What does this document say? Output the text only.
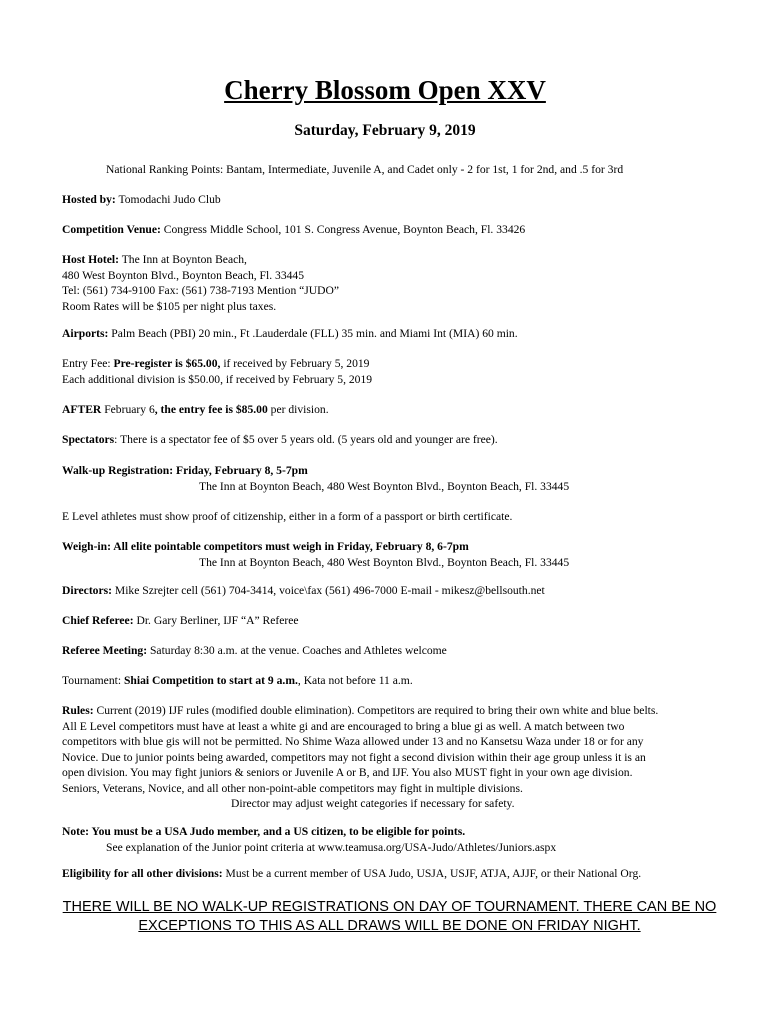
Cherry Blossom Open XXV
Saturday, February 9, 2019
National Ranking Points: Bantam, Intermediate, Juvenile A, and Cadet only - 2 for 1st, 1 for 2nd, and .5 for 3rd
Hosted by: Tomodachi Judo Club
Competition Venue: Congress Middle School, 101 S. Congress Avenue, Boynton Beach, Fl. 33426
Host Hotel: The Inn at Boynton Beach,
480 West Boynton Blvd., Boynton Beach, Fl. 33445
Tel: (561) 734-9100 Fax: (561) 738-7193 Mention “JUDO”
Room Rates will be $105 per night plus taxes.
Airports: Palm Beach (PBI) 20 min., Ft .Lauderdale (FLL) 35 min. and Miami Int (MIA) 60 min.
Entry Fee: Pre-register is $65.00, if received by February 5, 2019
Each additional division is $50.00, if received by February 5, 2019
AFTER February 6, the entry fee is $85.00 per division.
Spectators: There is a spectator fee of $5 over 5 years old. (5 years old and younger are free).
Walk-up Registration: Friday, February 8, 5-7pm
The Inn at Boynton Beach, 480 West Boynton Blvd., Boynton Beach, Fl. 33445
E Level athletes must show proof of citizenship, either in a form of a passport or birth certificate.
Weigh-in: All elite pointable competitors must weigh in Friday, February 8, 6-7pm
The Inn at Boynton Beach, 480 West Boynton Blvd., Boynton Beach, Fl. 33445
Directors: Mike Szrejter cell (561) 704-3414, voice\fax (561) 496-7000 E-mail - mikesz@bellsouth.net
Chief Referee: Dr. Gary Berliner, IJF “A” Referee
Referee Meeting: Saturday 8:30 a.m. at the venue. Coaches and Athletes welcome
Tournament: Shiai Competition to start at 9 a.m., Kata not before 11 a.m.
Rules: Current (2019) IJF rules (modified double elimination). Competitors are required to bring their own white and blue belts.
All E Level competitors must have at least a white gi and are encouraged to bring a blue gi as well. A match between two
competitors with blue gis will not be permitted. No Shime Waza allowed under 13 and no Kansetsu Waza under 18 or for any
Novice. Due to junior points being awarded, competitors may not fight a second division within their age group unless it is an
open division. You may fight juniors & seniors or Juvenile A or B, and IJF. You also MUST fight in your own age division.
Seniors, Veterans, Novice, and all other non-point-able competitors may fight in multiple divisions.
Director may adjust weight categories if necessary for safety.
Note: You must be a USA Judo member, and a US citizen, to be eligible for points.
See explanation of the Junior point criteria at www.teamusa.org/USA-Judo/Athletes/Juniors.aspx
Eligibility for all other divisions: Must be a current member of USA Judo, USJA, USJF, ATJA, AJJF, or their National Org.
THERE WILL BE NO WALK-UP REGISTRATIONS ON DAY OF TOURNAMENT. THERE CAN BE NO EXCEPTIONS TO THIS AS ALL DRAWS WILL BE DONE ON FRIDAY NIGHT.
